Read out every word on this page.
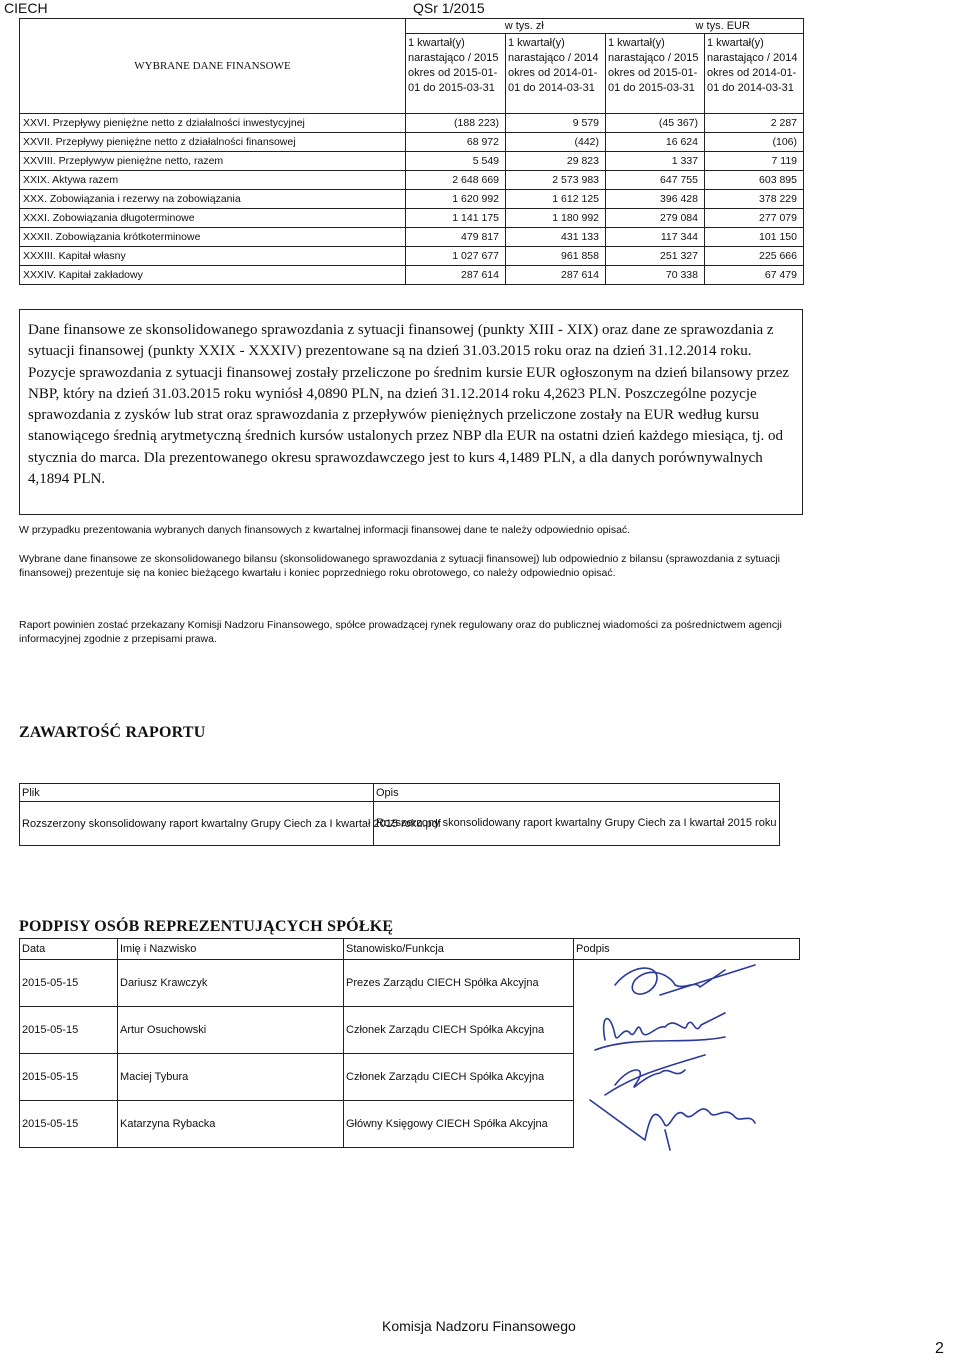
CIECH	QSr 1/2015
WYBRANE DANE FINANSOWE	w tys. zł		w tys. EUR	
	1 kwartał(y) narastająco / 2015 okres od 2015-01-01 do 2015-03-31	1 kwartał(y) narastająco / 2014 okres od 2014-01-01 do 2014-03-31	1 kwartał(y) narastająco / 2015 okres od 2015-01-01 do 2015-03-31	1 kwartał(y) narastająco / 2014 okres od 2014-01-01 do 2014-03-31
XXVI. Przepływy pieniężne netto z działalności inwestycyjnej	(188 223)	9 579	(45 367)	2 287
XXVII. Przepływy pieniężne netto z działalności finansowej	68 972	(442)	16 624	(106)
XXVIII. Przepływyw pieniężne netto, razem	5 549	29 823	1 337	7 119
XXIX. Aktywa razem	2 648 669	2 573 983	647 755	603 895
XXX. Zobowiązania i rezerwy na zobowiązania	1 620 992	1 612 125	396 428	378 229
XXXI. Zobowiązania długoterminowe	1 141 175	1 180 992	279 084	277 079
XXXII. Zobowiązania krótkoterminowe	479 817	431 133	117 344	101 150
XXXIII. Kapitał własny	1 027 677	961 858	251 327	225 666
XXXIV. Kapitał zakładowy	287 614	287 614	70 338	67 479
Dane finansowe ze skonsolidowanego sprawozdania z sytuacji finansowej (punkty XIII - XIX) oraz dane ze sprawozdania z sytuacji finansowej (punkty XXIX - XXXIV) prezentowane są na dzień 31.03.2015 roku oraz na dzień 31.12.2014 roku. Pozycje sprawozdania z sytuacji finansowej zostały przeliczone po średnim kursie EUR ogłoszonym na dzień bilansowy przez NBP, który na dzień 31.03.2015 roku wyniósł 4,0890 PLN, na dzień 31.12.2014 roku 4,2623 PLN. Poszczególne pozycje sprawozdania z zysków lub strat oraz sprawozdania z przepływów pieniężnych przeliczone zostały na EUR według kursu stanowiącego średnią arytmetyczną średnich kursów ustalonych przez NBP dla EUR na ostatni dzień każdego miesiąca, tj. od stycznia do marca. Dla prezentowanego okresu sprawozdawczego jest to kurs 4,1489 PLN, a dla danych porównywalnych 4,1894 PLN.
W przypadku prezentowania wybranych danych finansowych z kwartalnej informacji finansowej dane te należy odpowiednio opisać.
Wybrane dane finansowe ze skonsolidowanego bilansu (skonsolidowanego sprawozdania z sytuacji finansowej) lub odpowiednio z bilansu (sprawozdania z sytuacji finansowej) prezentuje się na koniec bieżącego kwartału i koniec poprzedniego roku obrotowego, co należy odpowiednio opisać.
Raport powinien zostać przekazany Komisji Nadzoru Finansowego, spółce prowadzącej rynek regulowany oraz do publicznej wiadomości za pośrednictwem agencji informacyjnej zgodnie z przepisami prawa.
ZAWARTOŚĆ RAPORTU
Plik	Opis
Rozszerzony skonsolidowany raport kwartalny Grupy Ciech za I kwartał 2015 roku.pdf	Rozszerzony skonsolidowany raport kwartalny Grupy Ciech za I kwartał 2015 roku
PODPISY OSÓB REPREZENTUJĄCYCH SPÓŁKĘ
Data	Imię i Nazwisko	Stanowisko/Funkcja	Podpis
2015-05-15	Dariusz Krawczyk	Prezes Zarządu CIECH Spółka Akcyjna	
2015-05-15	Artur Osuchowski	Członek Zarządu CIECH Spółka Akcyjna	
2015-05-15	Maciej Tybura	Członek Zarządu CIECH Spółka Akcyjna	
2015-05-15	Katarzyna Rybacka	Główny Księgowy CIECH Spółka Akcyjna	
Komisja Nadzoru Finansowego
2
